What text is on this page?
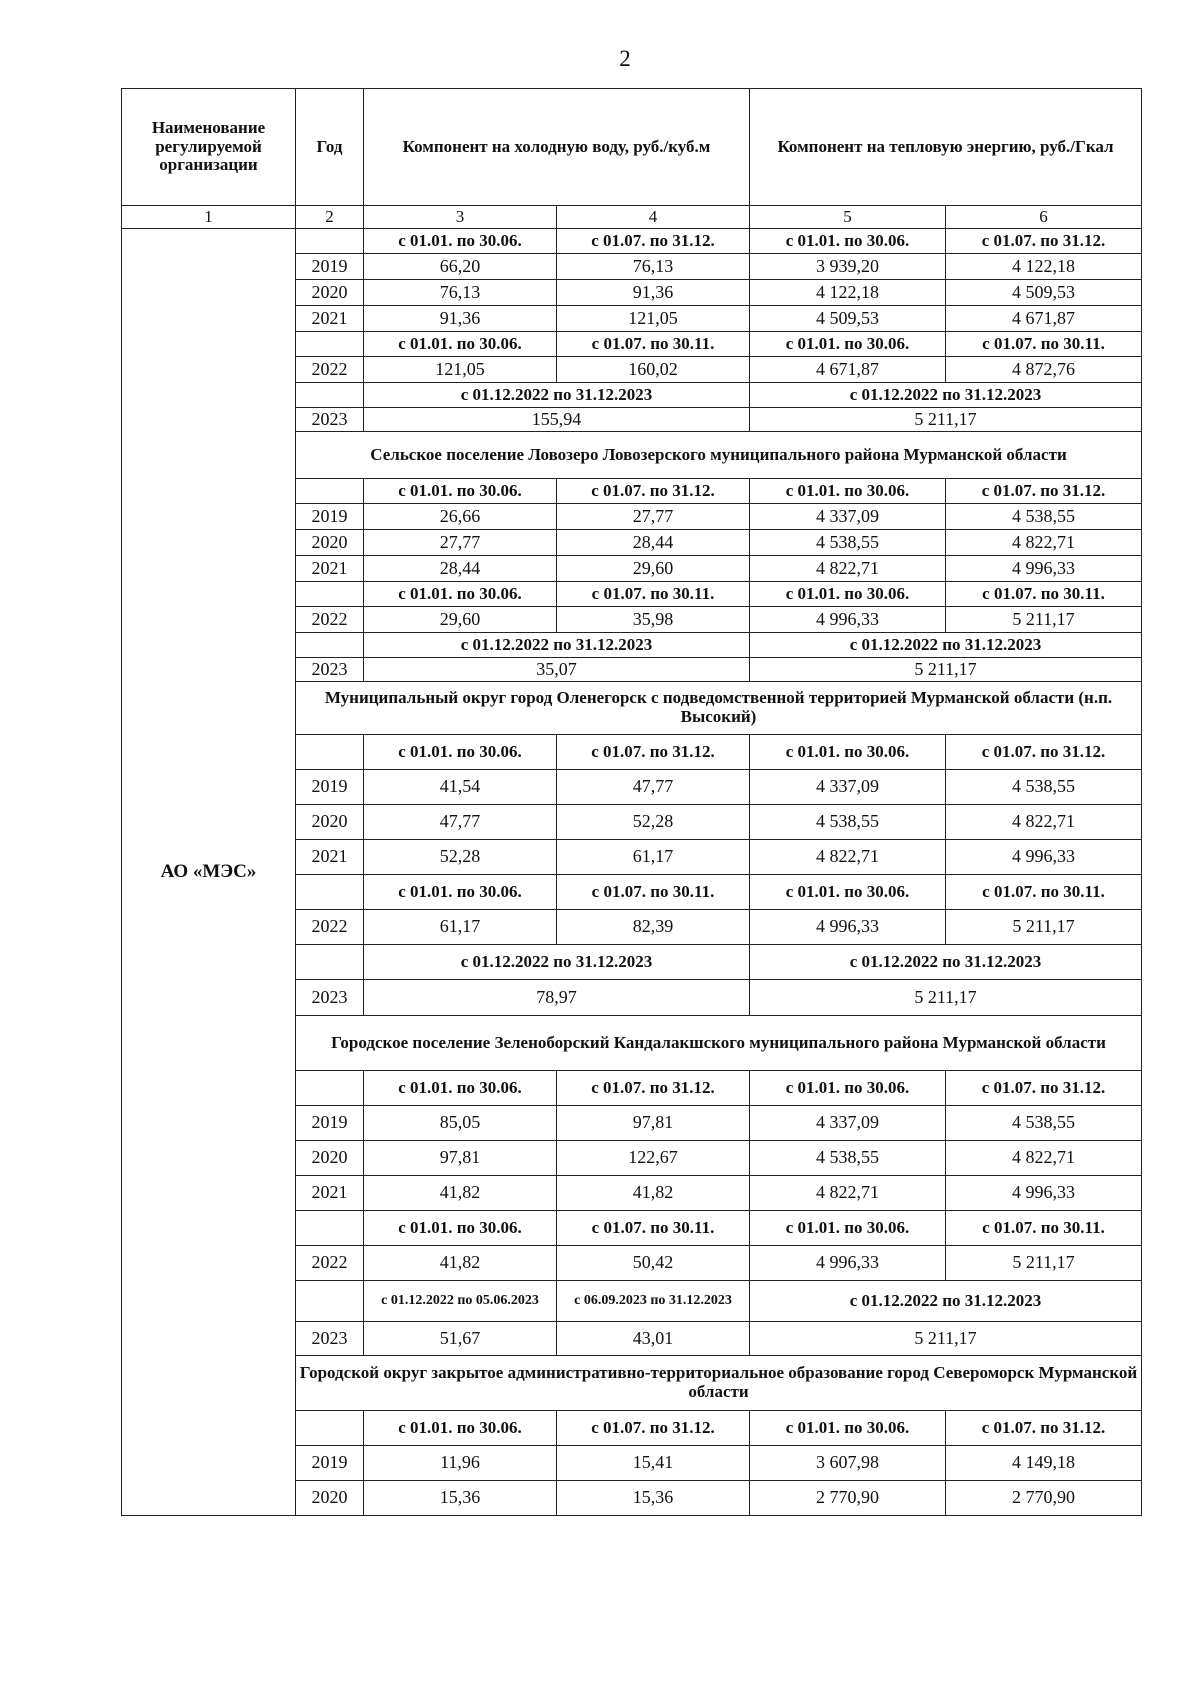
2
Наименование регулируемой организации	Год	Компонент на холодную воду, руб./куб.м		Компонент на тепловую энергию, руб./Гкал	
1	2	3	4	5	6
АО «МЭС»		с 01.01. по 30.06.	с 01.07. по 31.12.	с 01.01. по 30.06.	с 01.07. по 31.12.
	2019	66,20	76,13	3 939,20	4 122,18
	2020	76,13	91,36	4 122,18	4 509,53
	2021	91,36	121,05	4 509,53	4 671,87
		с 01.01. по 30.06.	с 01.07. по 30.11.	с 01.01. по 30.06.	с 01.07. по 30.11.
	2022	121,05	160,02	4 671,87	4 872,76
		с 01.12.2022 по 31.12.2023		с 01.12.2022 по 31.12.2023	
	2023	155,94		5 211,17	
	Сельское поселение Ловозеро Ловозерского муниципального района Мурманской области				
		с 01.01. по 30.06.	с 01.07. по 31.12.	с 01.01. по 30.06.	с 01.07. по 31.12.
	2019	26,66	27,77	4 337,09	4 538,55
	2020	27,77	28,44	4 538,55	4 822,71
	2021	28,44	29,60	4 822,71	4 996,33
		с 01.01. по 30.06.	с 01.07. по 30.11.	с 01.01. по 30.06.	с 01.07. по 30.11.
	2022	29,60	35,98	4 996,33	5 211,17
		с 01.12.2022 по 31.12.2023		с 01.12.2022 по 31.12.2023	
	2023	35,07		5 211,17	
	Муниципальный округ город Оленегорск с подведомственной территорией Мурманской области (н.п. Высокий)				
		с 01.01. по 30.06.	с 01.07. по 31.12.	с 01.01. по 30.06.	с 01.07. по 31.12.
	2019	41,54	47,77	4 337,09	4 538,55
	2020	47,77	52,28	4 538,55	4 822,71
	2021	52,28	61,17	4 822,71	4 996,33
		с 01.01. по 30.06.	с 01.07. по 30.11.	с 01.01. по 30.06.	с 01.07. по 30.11.
	2022	61,17	82,39	4 996,33	5 211,17
		с 01.12.2022 по 31.12.2023		с 01.12.2022 по 31.12.2023	
	2023	78,97		5 211,17	
	Городское поселение Зеленоборский Кандалакшского муниципального района Мурманской области				
		с 01.01. по 30.06.	с 01.07. по 31.12.	с 01.01. по 30.06.	с 01.07. по 31.12.
	2019	85,05	97,81	4 337,09	4 538,55
	2020	97,81	122,67	4 538,55	4 822,71
	2021	41,82	41,82	4 822,71	4 996,33
		с 01.01. по 30.06.	с 01.07. по 30.11.	с 01.01. по 30.06.	с 01.07. по 30.11.
	2022	41,82	50,42	4 996,33	5 211,17
		с 01.12.2022 по 05.06.2023	с 06.09.2023 по 31.12.2023	с 01.12.2022 по 31.12.2023	
	2023	51,67	43,01	5 211,17	
	Городской округ закрытое административно-территориальное образование город Североморск Мурманской области				
		с 01.01. по 30.06.	с 01.07. по 31.12.	с 01.01. по 30.06.	с 01.07. по 31.12.
	2019	11,96	15,41	3 607,98	4 149,18
	2020	15,36	15,36	2 770,90	2 770,90
